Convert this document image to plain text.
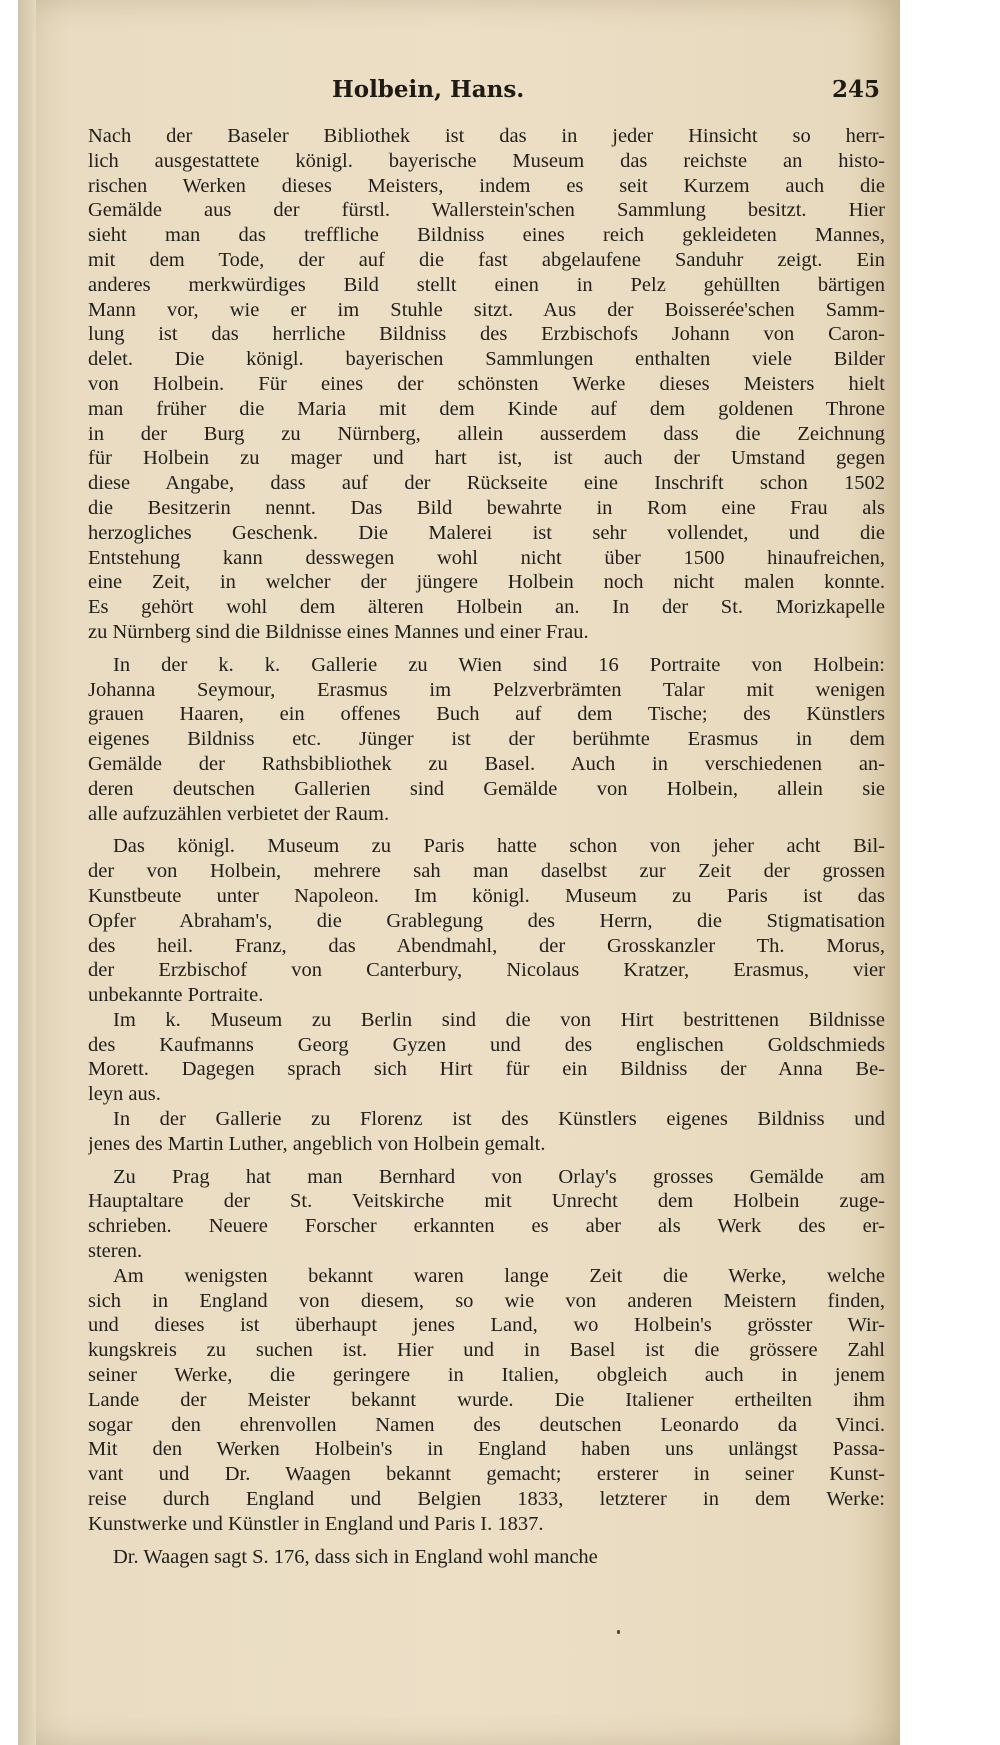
Holbein, Hans.	245
Nach der Baseler Bibliothek ist das in jeder Hinsicht so herr-
lich ausgestattete königl. bayerische Museum das reichste an histo-
rischen Werken dieses Meisters, indem es seit Kurzem auch die
Gemälde aus der fürstl. Wallerstein'schen Sammlung besitzt. Hier
sieht man das treffliche Bildniss eines reich gekleideten Mannes,
mit dem Tode, der auf die fast abgelaufene Sanduhr zeigt. Ein
anderes merkwürdiges Bild stellt einen in Pelz gehüllten bärtigen
Mann vor, wie er im Stuhle sitzt. Aus der Boisserée'schen Samm-
lung ist das herrliche Bildniss des Erzbischofs Johann von Caron-
delet. Die königl. bayerischen Sammlungen enthalten viele Bilder
von Holbein. Für eines der schönsten Werke dieses Meisters hielt
man früher die Maria mit dem Kinde auf dem goldenen Throne
in der Burg zu Nürnberg, allein ausserdem dass die Zeichnung
für Holbein zu mager und hart ist, ist auch der Umstand gegen
diese Angabe, dass auf der Rückseite eine Inschrift schon 1502
die Besitzerin nennt. Das Bild bewahrte in Rom eine Frau als
herzogliches Geschenk. Die Malerei ist sehr vollendet, und die
Entstehung kann desswegen wohl nicht über 1500 hinaufreichen,
eine Zeit, in welcher der jüngere Holbein noch nicht malen konnte.
Es gehört wohl dem älteren Holbein an. In der St. Morizkapelle
zu Nürnberg sind die Bildnisse eines Mannes und einer Frau.
In der k. k. Gallerie zu Wien sind 16 Portraite von Holbein:
Johanna Seymour, Erasmus im Pelzverbrämten Talar mit wenigen
grauen Haaren, ein offenes Buch auf dem Tische; des Künstlers
eigenes Bildniss etc. Jünger ist der berühmte Erasmus in dem
Gemälde der Rathsbibliothek zu Basel. Auch in verschiedenen an-
deren deutschen Gallerien sind Gemälde von Holbein, allein sie
alle aufzuzählen verbietet der Raum.
Das königl. Museum zu Paris hatte schon von jeher acht Bil-
der von Holbein, mehrere sah man daselbst zur Zeit der grossen
Kunstbeute unter Napoleon. Im königl. Museum zu Paris ist das
Opfer Abraham's, die Grablegung des Herrn, die Stigmatisation
des heil. Franz, das Abendmahl, der Grosskanzler Th. Morus,
der Erzbischof von Canterbury, Nicolaus Kratzer, Erasmus, vier
unbekannte Portraite.
Im k. Museum zu Berlin sind die von Hirt bestrittenen Bildnisse
des Kaufmanns Georg Gyzen und des englischen Goldschmieds
Morett. Dagegen sprach sich Hirt für ein Bildniss der Anna Be-
leyn aus.
In der Gallerie zu Florenz ist des Künstlers eigenes Bildniss und
jenes des Martin Luther, angeblich von Holbein gemalt.
Zu Prag hat man Bernhard von Orlay's grosses Gemälde am
Hauptaltare der St. Veitskirche mit Unrecht dem Holbein zuge-
schrieben. Neuere Forscher erkannten es aber als Werk des er-
steren.
Am wenigsten bekannt waren lange Zeit die Werke, welche
sich in England von diesem, so wie von anderen Meistern finden,
und dieses ist überhaupt jenes Land, wo Holbein's grösster Wir-
kungskreis zu suchen ist. Hier und in Basel ist die grössere Zahl
seiner Werke, die geringere in Italien, obgleich auch in jenem
Lande der Meister bekannt wurde. Die Italiener ertheilten ihm
sogar den ehrenvollen Namen des deutschen Leonardo da Vinci.
Mit den Werken Holbein's in England haben uns unlängst Passa-
vant und Dr. Waagen bekannt gemacht; ersterer in seiner Kunst-
reise durch England und Belgien 1833, letzterer in dem Werke:
Kunstwerke und Künstler in England und Paris I. 1837.
Dr. Waagen sagt S. 176, dass sich in England wohl manche
